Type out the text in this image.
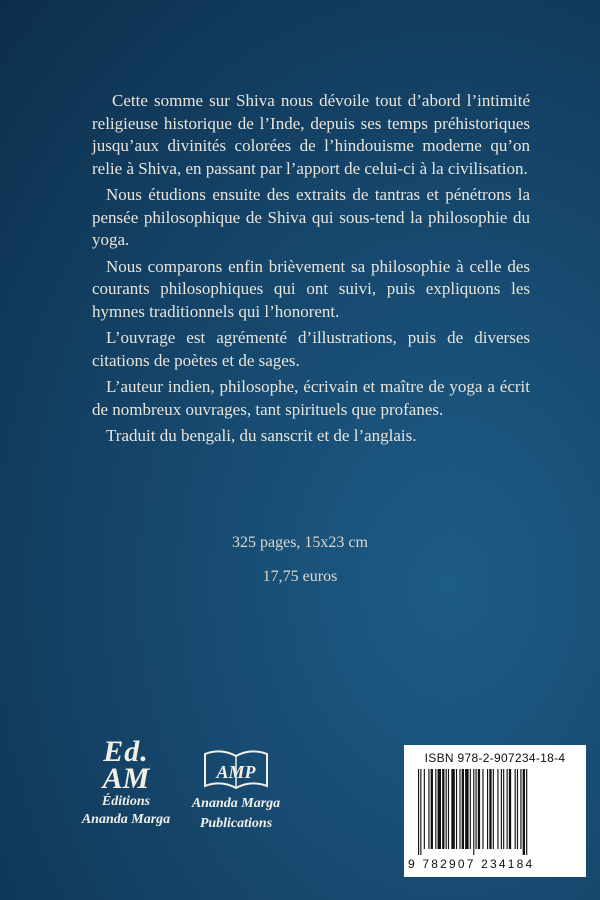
Cette somme sur Shiva nous dévoile tout d’abord l’intimité religieuse historique de l’Inde, depuis ses temps préhistoriques jusqu’aux divinités colorées de l’hindouisme moderne qu’on relie à Shiva, en passant par l’apport de celui-ci à la civilisation.

Nous étudions ensuite des extraits de tantras et pénétrons la pensée philosophique de Shiva qui sous-tend la philosophie du yoga.

Nous comparons enfin brièvement sa philosophie à celle des courants philosophiques qui ont suivi, puis expliquons les hymnes traditionnels qui l’honorent.

L’ouvrage est agrémenté d’illustrations, puis de diverses citations de poètes et de sages.

L’auteur indien, philosophe, écrivain et maître de yoga a écrit de nombreux ouvrages, tant spirituels que profanes.

Traduit du bengali, du sanscrit et de l’anglais.

325 pages, 15x23 cm
17,75 euros
Ed.
AM
Éditions
Ananda Marga
AMP
Ananda Marga
Publications
ISBN 978-2-907234-18-4
9 782907 234184
